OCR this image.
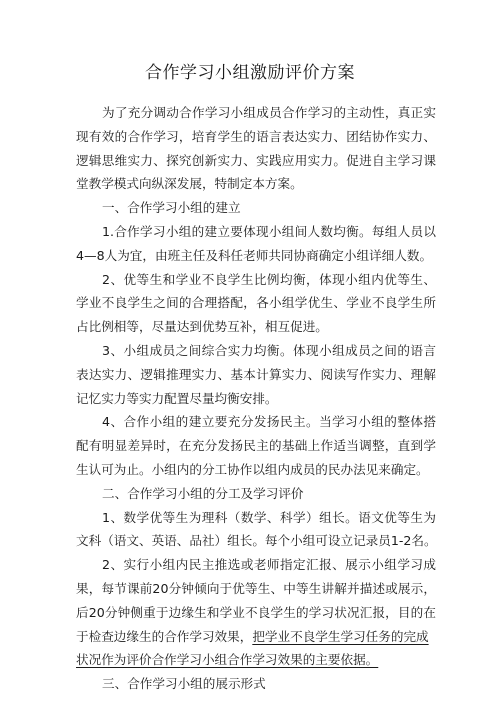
合作学习小组激励评价方案
为了充分调动合作学习小组成员合作学习的主动性，真正实
现有效的合作学习，培育学生的语言表达实力、团结协作实力、
逻辑思维实力、探究创新实力、实践应用实力。促进自主学习课
堂教学模式向纵深发展，特制定本方案。
一、合作学习小组的建立
1.合作学习小组的建立要体现小组间人数均衡。每组人员以
4—8人为宜，由班主任及科任老师共同协商确定小组详细人数。
2、优等生和学业不良学生比例均衡，体现小组内优等生、
学业不良学生之间的合理搭配，各小组学优生、学业不良学生所
占比例相等，尽量达到优势互补，相互促进。
3、小组成员之间综合实力均衡。体现小组成员之间的语言
表达实力、逻辑推理实力、基本计算实力、阅读写作实力、理解
记忆实力等实力配置尽量均衡安排。
4、合作小组的建立要充分发扬民主。当学习小组的整体搭
配有明显差异时，在充分发扬民主的基础上作适当调整，直到学
生认可为止。小组内的分工协作以组内成员的民办法见来确定。
二、合作学习小组的分工及学习评价
1、数学优等生为理科（数学、科学）组长。语文优等生为
文科（语文、英语、品社）组长。每个小组可设立记录员1-2名。
2、实行小组内民主推选或老师指定汇报、展示小组学习成
果，每节课前20分钟倾向于优等生、中等生讲解并描述或展示，
后20分钟侧重于边缘生和学业不良学生的学习状况汇报，目的在
于检查边缘生的合作学习效果，把学业不良学生学习任务的完成
状况作为评价合作学习小组合作学习效果的主要依据。
三、合作学习小组的展示形式
